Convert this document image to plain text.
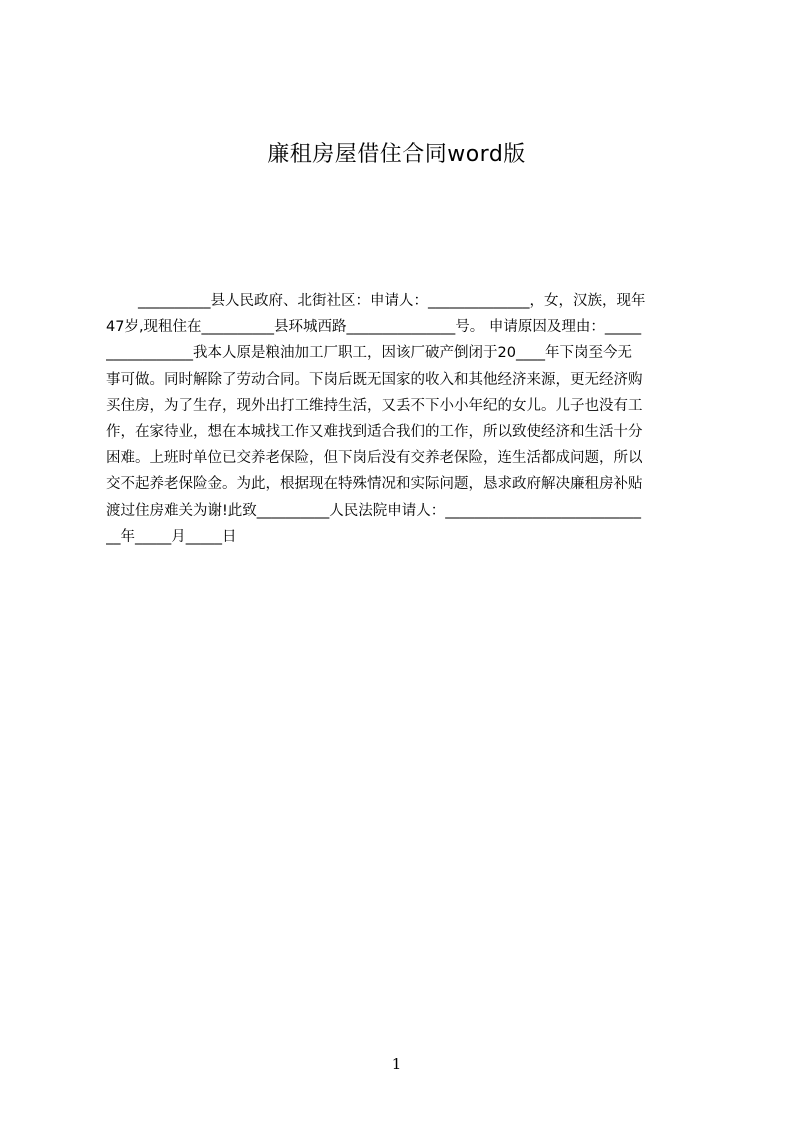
廉租房屋借住合同word版
__________县人民政府、北街社区：申请人：______________，女，汉族，现年
47岁,现租住在__________县环城西路_______________号。 申请原因及理由：_____
____________我本人原是粮油加工厂职工，因该厂破产倒闭于20____年下岗至今无
事可做。同时解除了劳动合同。下岗后既无国家的收入和其他经济来源，更无经济购
买住房，为了生存，现外出打工维持生活，又丢不下小小年纪的女儿。儿子也没有工
作，在家待业，想在本城找工作又难找到适合我们的工作，所以致使经济和生活十分
困难。上班时单位已交养老保险，但下岗后没有交养老保险，连生活都成问题，所以
交不起养老保险金。为此，根据现在特殊情况和实际问题，恳求政府解决廉租房补贴
渡过住房难关为谢!此致__________人民法院申请人：___________________________
__年_____月_____日
1
